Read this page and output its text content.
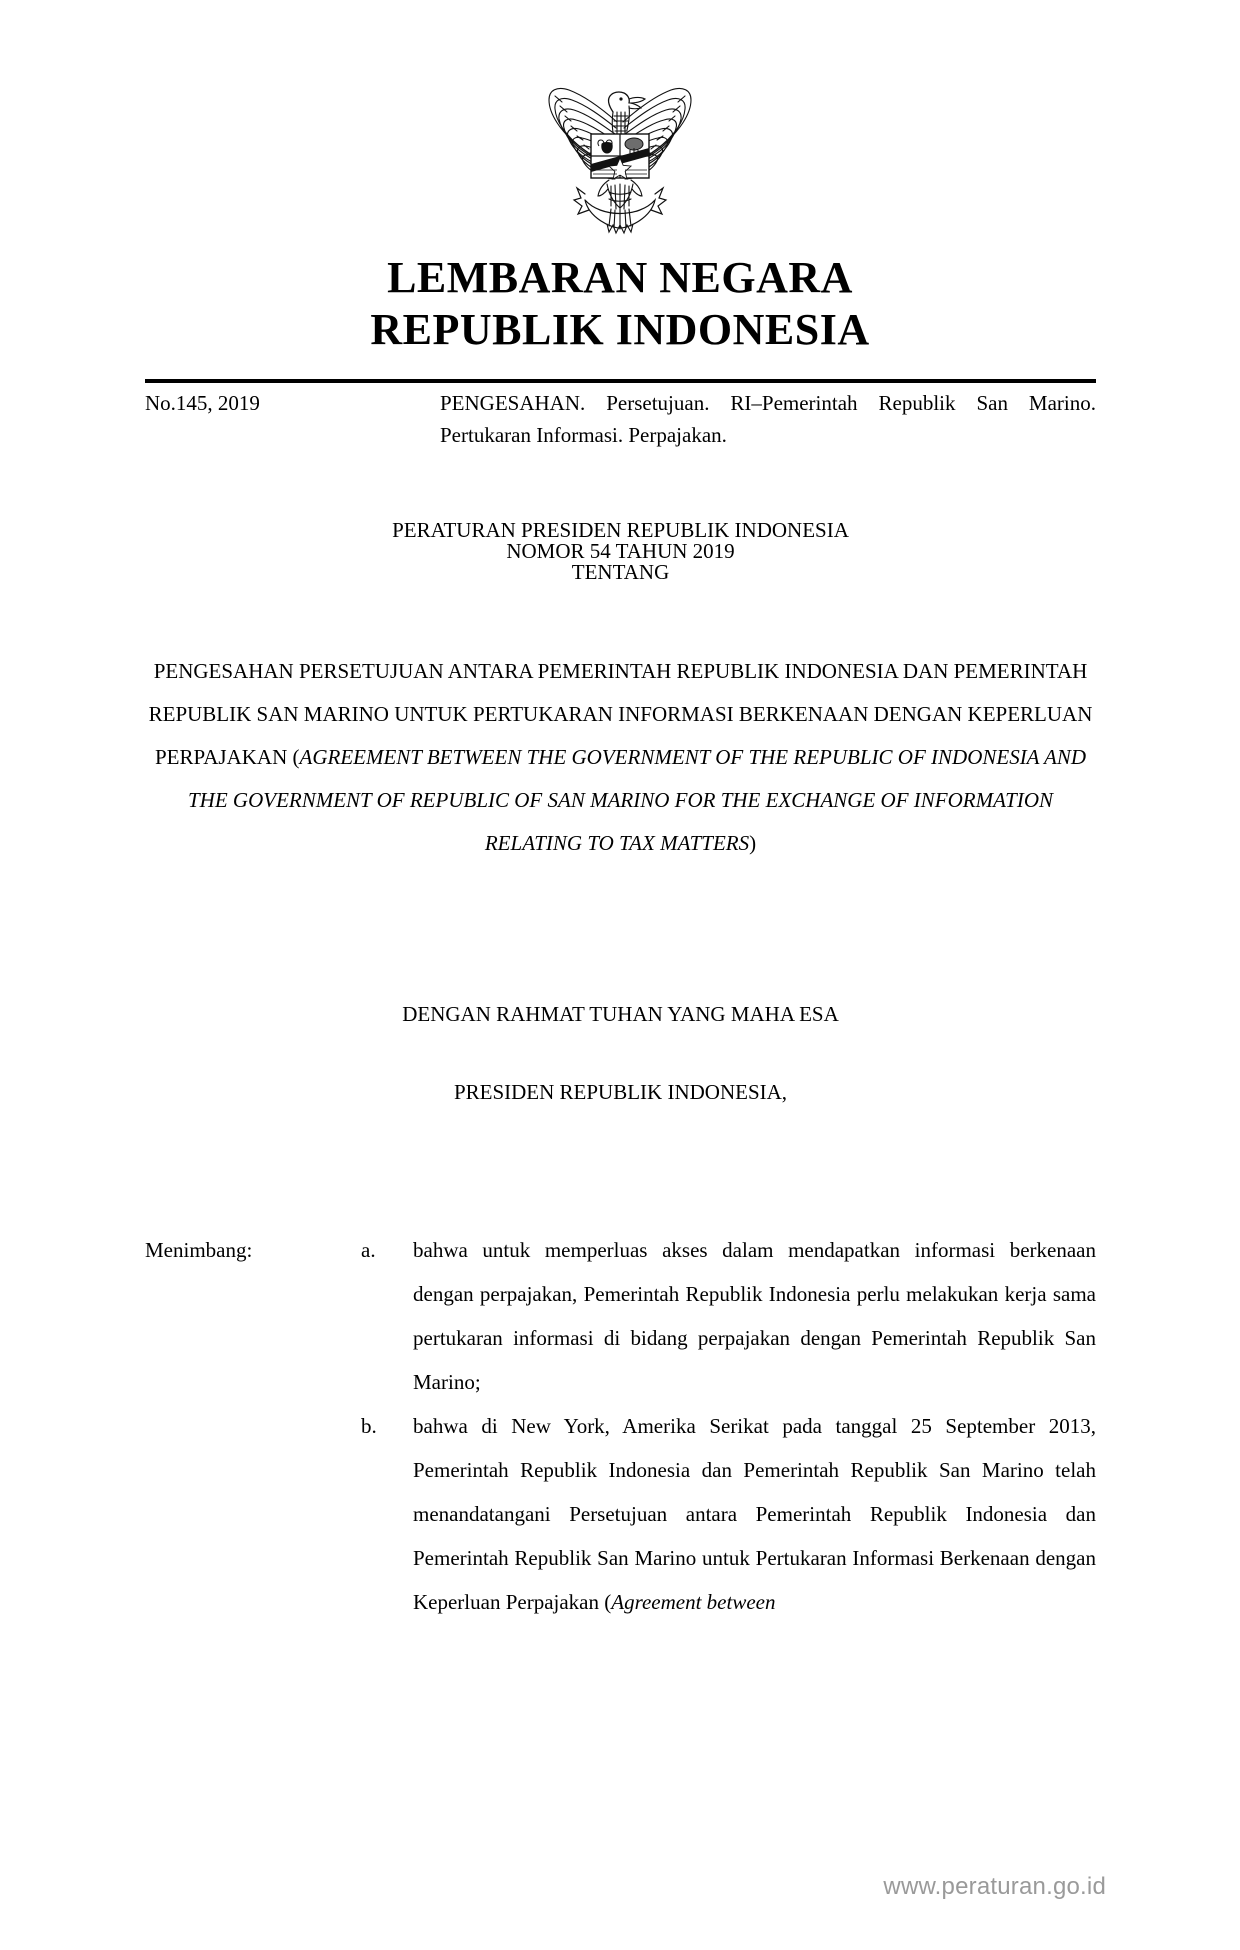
LEMBARAN NEGARA
REPUBLIK INDONESIA
No.145, 2019	PENGESAHAN. Persetujuan. RI–Pemerintah Republik San Marino. Pertukaran Informasi. Perpajakan.
PERATURAN PRESIDEN REPUBLIK INDONESIA
NOMOR 54 TAHUN 2019
TENTANG
PENGESAHAN PERSETUJUAN ANTARA PEMERINTAH REPUBLIK INDONESIA DAN PEMERINTAH REPUBLIK SAN MARINO UNTUK PERTUKARAN INFORMASI BERKENAAN DENGAN KEPERLUAN PERPAJAKAN (AGREEMENT BETWEEN THE GOVERNMENT OF THE REPUBLIC OF INDONESIA AND THE GOVERNMENT OF REPUBLIC OF SAN MARINO FOR THE EXCHANGE OF INFORMATION RELATING TO TAX MATTERS)
DENGAN RAHMAT TUHAN YANG MAHA ESA
PRESIDEN REPUBLIK INDONESIA,
Menimbang:	a.	bahwa untuk memperluas akses dalam mendapatkan informasi berkenaan dengan perpajakan, Pemerintah Republik Indonesia perlu melakukan kerja sama pertukaran informasi di bidang perpajakan dengan Pemerintah Republik San Marino;
b.	bahwa di New York, Amerika Serikat pada tanggal 25 September 2013, Pemerintah Republik Indonesia dan Pemerintah Republik San Marino telah menandatangani Persetujuan antara Pemerintah Republik Indonesia dan Pemerintah Republik San Marino untuk Pertukaran Informasi Berkenaan dengan Keperluan Perpajakan (Agreement between
www.peraturan.go.id
